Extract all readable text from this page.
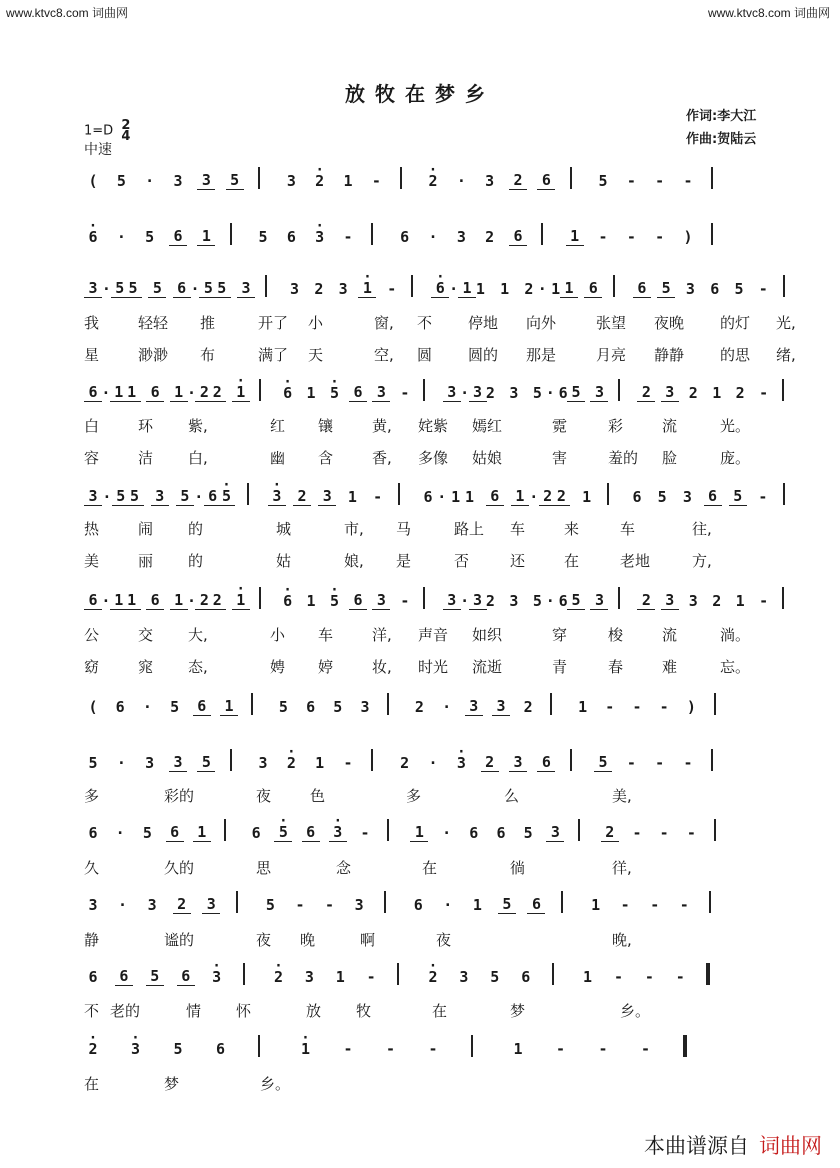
www.ktvc8.com 词曲网	www.ktvc8.com 词曲网
放牧在梦乡
作词:李大江
作曲:贺陆云
1=D 2
4
中速
( 5 · 3 3 5	3 · 2 1 -	· 2 · 3 2 6	5 - - -
· 6 · 5 6 1	5 6 · 3 -	6 · 3 2 6	1 - - - )
3 · 5 5 5 6 · 5 5 3	3 2 3 · 1 -	· 6 · 1 1 1 2 · 1 1 6	6 5 3 6 5 -
6 · 1 1 6 1 · 2 2 · 1	· 6 1 · 5 6 3 -	3 · 3 2 3 5 · 6 5 3	2 3 2 1 2 -
3 · 5 5 3 5 · 6 · 5	· 3 2 3 1 -	6 · 1 1 6 1 · 2 2 1	6 5 3 6 5 -
6 · 1 1 6 1 · 2 2 · 1	· 6 1 · 5 6 3 -	3 · 3 2 3 5 · 6 5 3	2 3 3 2 1 -
( 6 · 5 6 1	5 6 5 3	2 · 3 3 2	1 - - - )
5 · 3 3 5	3 · 2 1 -	2 · · 3 2 3 6	5 - - -
6 · 5 6 1	6 · 5 6 · 3 -	1 · 6 6 5 3	2 - - -
3 · 3 2 3	5 - - 3	6 · 1 5 6	1 - - -
6 6 5 6 · 3	· 2 3 1 -	· 2 3 5 6	1 - - -
· 2 · 3 5 6	· 1 - - -	1 - - -
我	轻轻 推	开了 小	窗, 不 停地 向外	张望 夜晚 的灯 光,
星	渺渺 布	满了 天	空, 圆 圆的 那是	月亮 静静 的思 绪,
白	环 紫,	红 镶	黄, 姹紫 嫣红	霓	彩	流	光。
容	洁 白,	幽 含	香, 多像 姑娘	害	羞的 脸	庞。
热	闹 的	城	市, 马	路上 车	来	车	往,
美	丽 的	姑	娘, 是	否	还	在	老地	方,
公	交 大,	小 车	洋, 声音 如织	穿	梭	流	淌。
窈	窕 态,	娉 婷	妆, 时光 流逝	青	春	难	忘。
多	彩的	夜	色	多	么	美,
久	久的	思	念	在	徜	徉,
静	谧的	夜 晚	啊	夜	晚,
不 老的	情 怀	放 牧	在	梦	乡。
在	梦	乡。
本曲谱源自 词曲网
